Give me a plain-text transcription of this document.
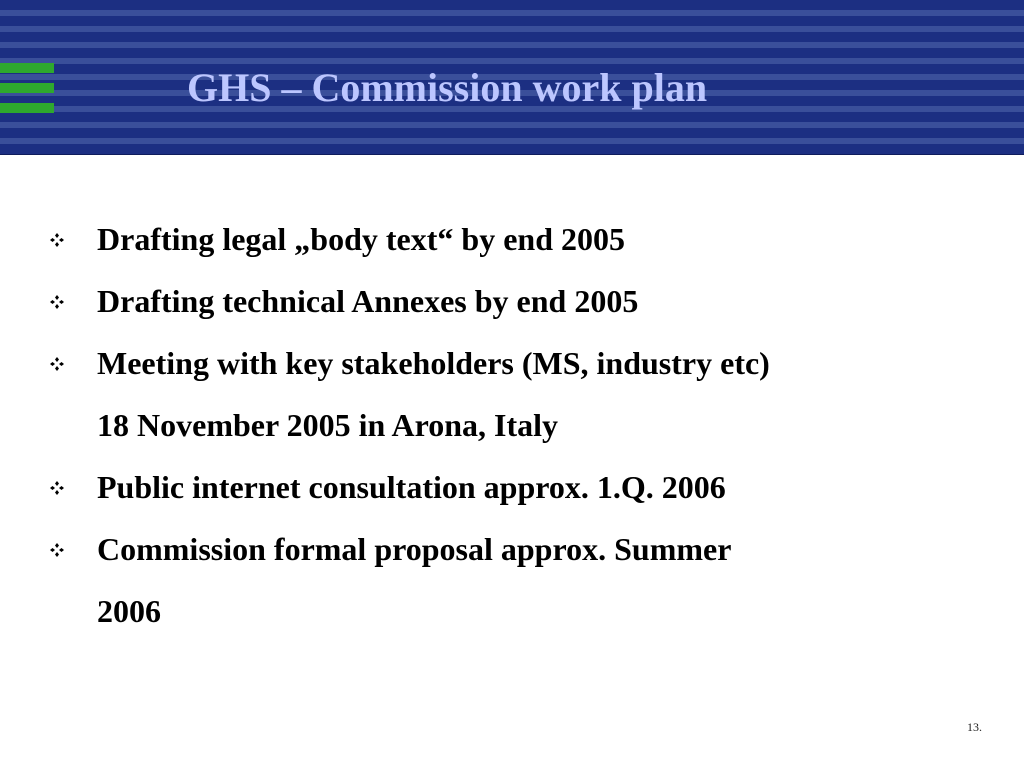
GHS – Commission work plan
Drafting legal „body text“ by end 2005
Drafting technical Annexes by end 2005
Meeting with key stakeholders (MS, industry etc)
18 November 2005 in Arona, Italy
Public internet consultation approx. 1.Q. 2006
Commission formal proposal approx. Summer
2006
13.
